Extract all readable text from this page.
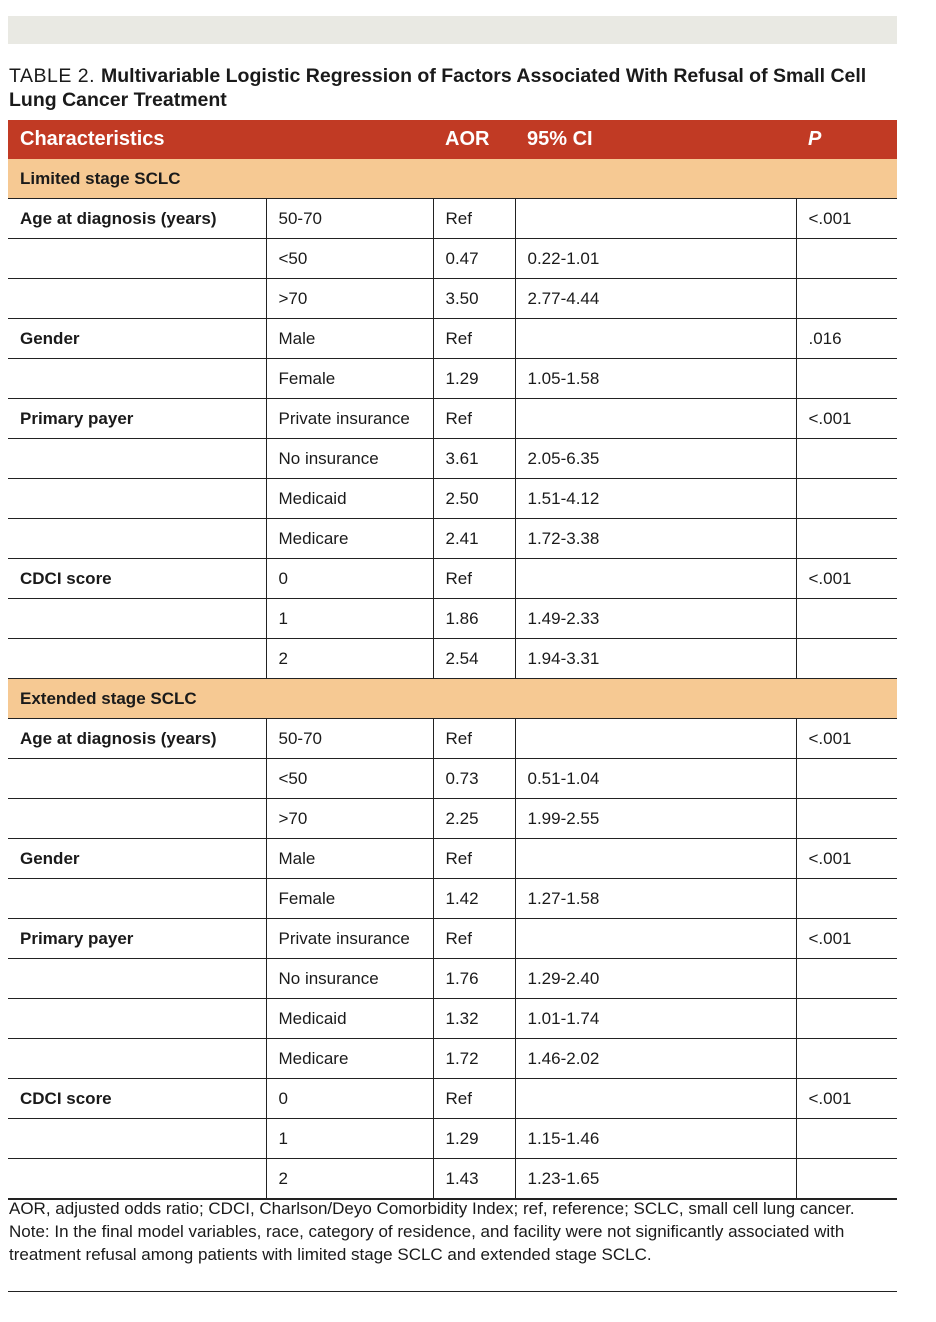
TABLE 2. Multivariable Logistic Regression of Factors Associated With Refusal of Small Cell Lung Cancer Treatment
Characteristics		AOR	95% CI	P
Limited stage SCLC				
Age at diagnosis (years)	50-70	Ref		<.001
	<50	0.47	0.22-1.01	
	>70	3.50	2.77-4.44	
Gender	Male	Ref		.016
	Female	1.29	1.05-1.58	
Primary payer	Private insurance	Ref		<.001
	No insurance	3.61	2.05-6.35	
	Medicaid	2.50	1.51-4.12	
	Medicare	2.41	1.72-3.38	
CDCI score	0	Ref		<.001
	1	1.86	1.49-2.33	
	2	2.54	1.94-3.31	
Extended stage SCLC				
Age at diagnosis (years)	50-70	Ref		<.001
	<50	0.73	0.51-1.04	
	>70	2.25	1.99-2.55	
Gender	Male	Ref		<.001
	Female	1.42	1.27-1.58	
Primary payer	Private insurance	Ref		<.001
	No insurance	1.76	1.29-2.40	
	Medicaid	1.32	1.01-1.74	
	Medicare	1.72	1.46-2.02	
CDCI score	0	Ref		<.001
	1	1.29	1.15-1.46	
	2	1.43	1.23-1.65	

AOR, adjusted odds ratio; CDCI, Charlson/Deyo Comorbidity Index; ref, reference; SCLC, small cell lung cancer.

Note: In the final model variables, race, category of residence, and facility were not significantly associated with treatment refusal among patients with limited stage SCLC and extended stage SCLC.
